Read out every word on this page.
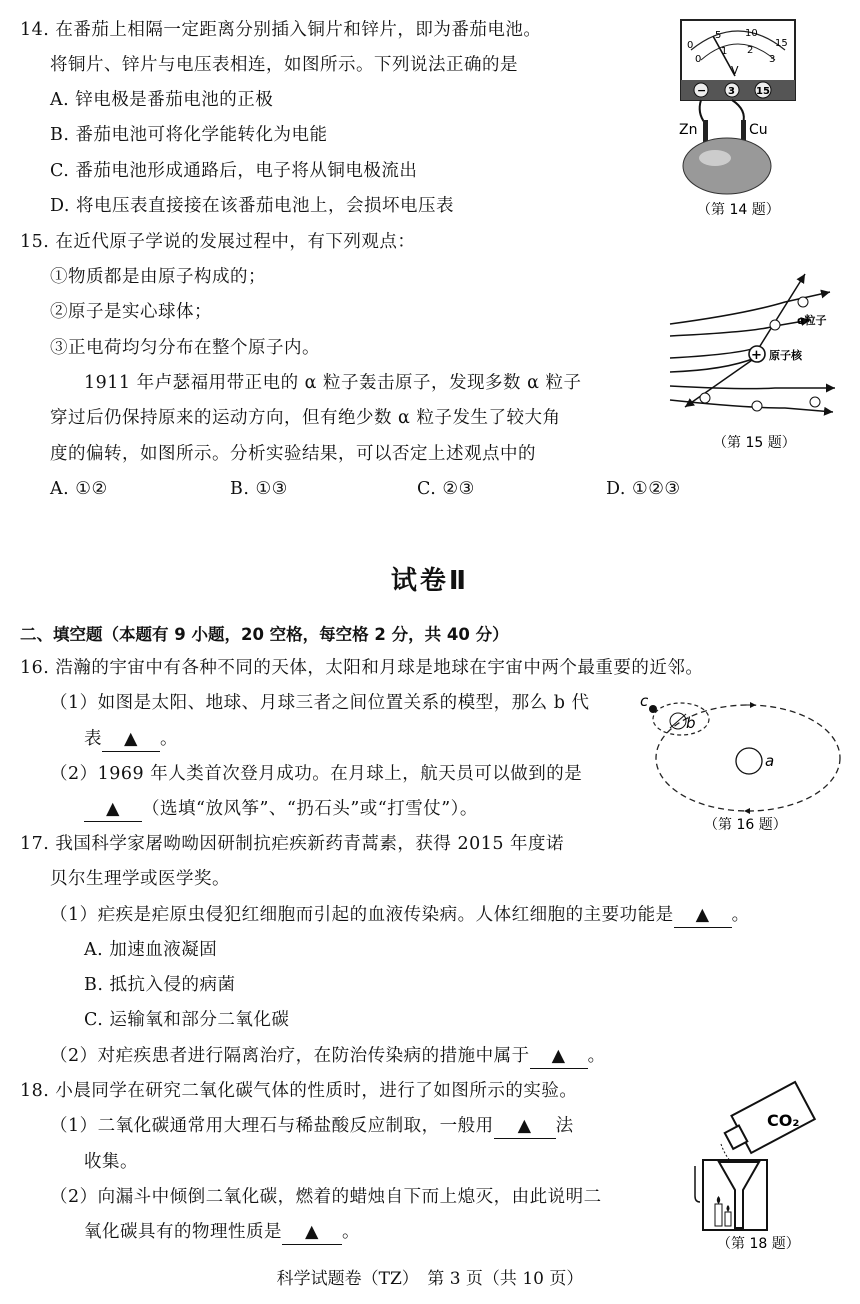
14. 在番茄上相隔一定距离分别插入铜片和锌片，即为番茄电池。
将铜片、锌片与电压表相连，如图所示。下列说法正确的是
A. 锌电极是番茄电池的正极
B. 番茄电池可将化学能转化为电能
C. 番茄电池形成通路后，电子将从铜电极流出
D. 将电压表直接接在该番茄电池上，会损坏电压表
0
5 10
15
0
1 2
3
V
− 3 15
Zn	Cu
（第 14 题）
15. 在近代原子学说的发展过程中，有下列观点：
①物质都是由原子构成的；
②原子是实心球体；
③正电荷均匀分布在整个原子内。
1911 年卢瑟福用带正电的 α 粒子轰击原子，发现多数 α 粒子
穿过后仍保持原来的运动方向，但有绝少数 α 粒子发生了较大角
度的偏转，如图所示。分析实验结果，可以否定上述观点中的
A. ①②	B. ①③	C. ②③	D. ①②③
+
α粒子
原子核
（第 15 题）
试卷Ⅱ
二、填空题（本题有 9 小题，20 空格，每空格 2 分，共 40 分）
16. 浩瀚的宇宙中有各种不同的天体，太阳和月球是地球在宇宙中两个最重要的近邻。
（1）如图是太阳、地球、月球三者之间位置关系的模型，那么 b 代
表 ▲ 。
（2）1969 年人类首次登月成功。在月球上，航天员可以做到的是
▲ （选填“放风筝”、“扔石头”或“打雪仗”）。
c
b
a
（第 16 题）
17. 我国科学家屠呦呦因研制抗疟疾新药青蒿素，获得 2015 年度诺
贝尔生理学或医学奖。
（1）疟疾是疟原虫侵犯红细胞而引起的血液传染病。人体红细胞的主要功能是 ▲ 。
A. 加速血液凝固
B. 抵抗入侵的病菌
C. 运输氧和部分二氧化碳
（2）对疟疾患者进行隔离治疗，在防治传染病的措施中属于 ▲ 。
18. 小晨同学在研究二氧化碳气体的性质时，进行了如图所示的实验。
（1）二氧化碳通常用大理石与稀盐酸反应制取，一般用 ▲ 法
收集。
（2）向漏斗中倾倒二氧化碳，燃着的蜡烛自下而上熄灭，由此说明二
氧化碳具有的物理性质是 ▲ 。
CO₂
（第 18 题）
科学试题卷（TZ）　第 3 页（共 10 页）
